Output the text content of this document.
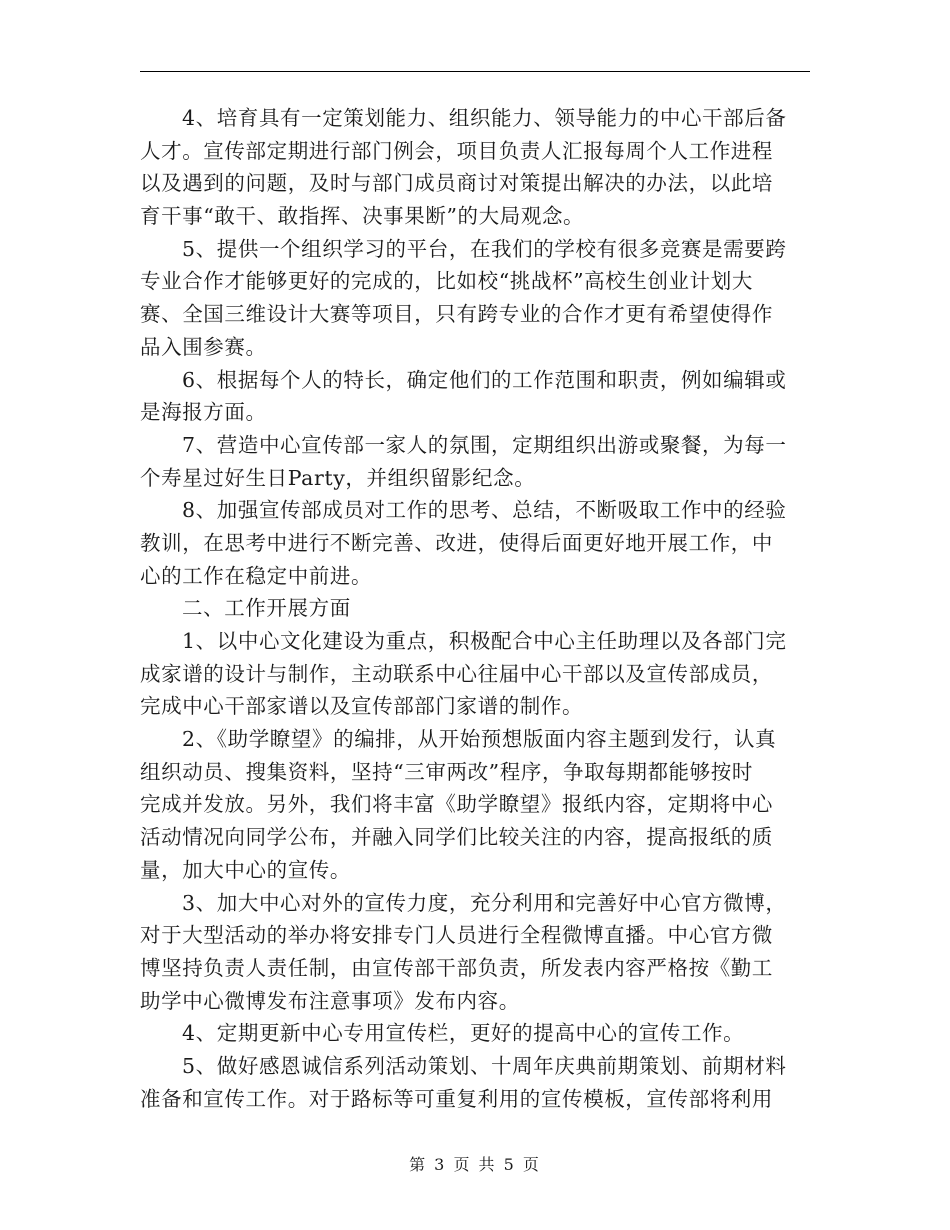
4、培育具有一定策划能力、组织能力、领导能力的中心干部后备
人才。宣传部定期进行部门例会，项目负责人汇报每周个人工作进程
以及遇到的问题，及时与部门成员商讨对策提出解决的办法，以此培
育干事“敢干、敢指挥、决事果断”的大局观念。
5、提供一个组织学习的平台，在我们的学校有很多竞赛是需要跨
专业合作才能够更好的完成的，比如校“挑战杯”高校生创业计划大
赛、全国三维设计大赛等项目，只有跨专业的合作才更有希望使得作
品入围参赛。
6、根据每个人的特长，确定他们的工作范围和职责，例如编辑或
是海报方面。
7、营造中心宣传部一家人的氛围，定期组织出游或聚餐，为每一
个寿星过好生日Party，并组织留影纪念。
8、加强宣传部成员对工作的思考、总结，不断吸取工作中的经验
教训，在思考中进行不断完善、改进，使得后面更好地开展工作，中
心的工作在稳定中前进。
二、工作开展方面
1、以中心文化建设为重点，积极配合中心主任助理以及各部门完
成家谱的设计与制作，主动联系中心往届中心干部以及宣传部成员，
完成中心干部家谱以及宣传部部门家谱的制作。
2、《助学瞭望》的编排，从开始预想版面内容主题到发行，认真
组织动员、搜集资料，坚持“三审两改”程序，争取每期都能够按时
完成并发放。另外，我们将丰富《助学瞭望》报纸内容，定期将中心
活动情况向同学公布，并融入同学们比较关注的内容，提高报纸的质
量，加大中心的宣传。
3、加大中心对外的宣传力度，充分利用和完善好中心官方微博，
对于大型活动的举办将安排专门人员进行全程微博直播。中心官方微
博坚持负责人责任制，由宣传部干部负责，所发表内容严格按《勤工
助学中心微博发布注意事项》发布内容。
4、定期更新中心专用宣传栏，更好的提高中心的宣传工作。
5、做好感恩诚信系列活动策划、十周年庆典前期策划、前期材料
准备和宣传工作。对于路标等可重复利用的宣传模板，宣传部将利用
第 3 页 共 5 页
